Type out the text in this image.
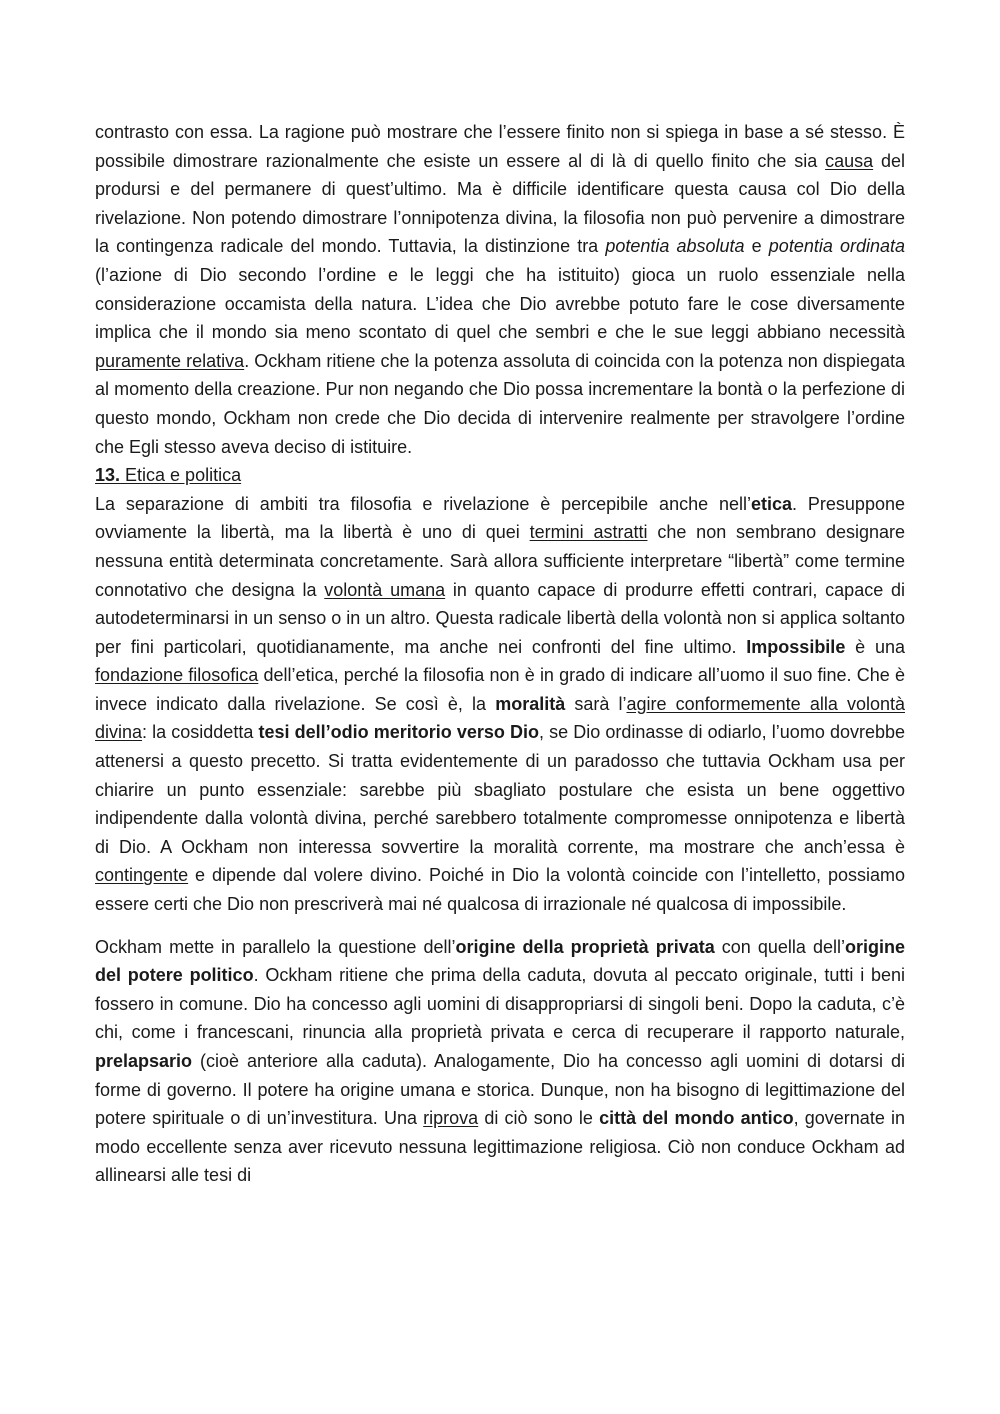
contrasto con essa. La ragione può mostrare che l’essere finito non si spiega in base a sé stesso. È possibile dimostrare razionalmente che esiste un essere al di là di quello finito che sia causa del prodursi e del permanere di quest’ultimo. Ma è difficile identificare questa causa col Dio della rivelazione. Non potendo dimostrare l’onnipotenza divina, la filosofia non può pervenire a dimostrare la contingenza radicale del mondo. Tuttavia, la distinzione tra potentia absoluta e potentia ordinata (l’azione di Dio secondo l’ordine e le leggi che ha istituito) gioca un ruolo essenziale nella considerazione occamista della natura. L’idea che Dio avrebbe potuto fare le cose diversamente implica che il mondo sia meno scontato di quel che sembri e che le sue leggi abbiano necessità puramente relativa. Ockham ritiene che la potenza assoluta di coincida con la potenza non dispiegata al momento della creazione. Pur non negando che Dio possa incrementare la bontà o la perfezione di questo mondo, Ockham non crede che Dio decida di intervenire realmente per stravolgere l’ordine che Egli stesso aveva deciso di istituire.

13. Etica e politica

La separazione di ambiti tra filosofia e rivelazione è percepibile anche nell’etica. Presuppone ovviamente la libertà, ma la libertà è uno di quei termini astratti che non sembrano designare nessuna entità determinata concretamente. Sarà allora sufficiente interpretare “libertà” come termine connotativo che designa la volontà umana in quanto capace di produrre effetti contrari, capace di autodeterminarsi in un senso o in un altro. Questa radicale libertà della volontà non si applica soltanto per fini particolari, quotidianamente, ma anche nei confronti del fine ultimo. Impossibile è una fondazione filosofica dell’etica, perché la filosofia non è in grado di indicare all’uomo il suo fine. Che è invece indicato dalla rivelazione. Se così è, la moralità sarà l’agire conformemente alla volontà divina: la cosiddetta tesi dell’odio meritorio verso Dio, se Dio ordinasse di odiarlo, l’uomo dovrebbe attenersi a questo precetto. Si tratta evidentemente di un paradosso che tuttavia Ockham usa per chiarire un punto essenziale: sarebbe più sbagliato postulare che esista un bene oggettivo indipendente dalla volontà divina, perché sarebbero totalmente compromesse onnipotenza e libertà di Dio. A Ockham non interessa sovvertire la moralità corrente, ma mostrare che anch’essa è contingente e dipende dal volere divino. Poiché in Dio la volontà coincide con l’intelletto, possiamo essere certi che Dio non prescriverà mai né qualcosa di irrazionale né qualcosa di impossibile.

Ockham mette in parallelo la questione dell’origine della proprietà privata con quella dell’origine del potere politico. Ockham ritiene che prima della caduta, dovuta al peccato originale, tutti i beni fossero in comune. Dio ha concesso agli uomini di disappropriarsi di singoli beni. Dopo la caduta, c’è chi, come i francescani, rinuncia alla proprietà privata e cerca di recuperare il rapporto naturale, prelapsario (cioè anteriore alla caduta). Analogamente, Dio ha concesso agli uomini di dotarsi di forme di governo. Il potere ha origine umana e storica. Dunque, non ha bisogno di legittimazione del potere spirituale o di un’investitura. Una riprova di ciò sono le città del mondo antico, governate in modo eccellente senza aver ricevuto nessuna legittimazione religiosa. Ciò non conduce Ockham ad allinearsi alle tesi di
